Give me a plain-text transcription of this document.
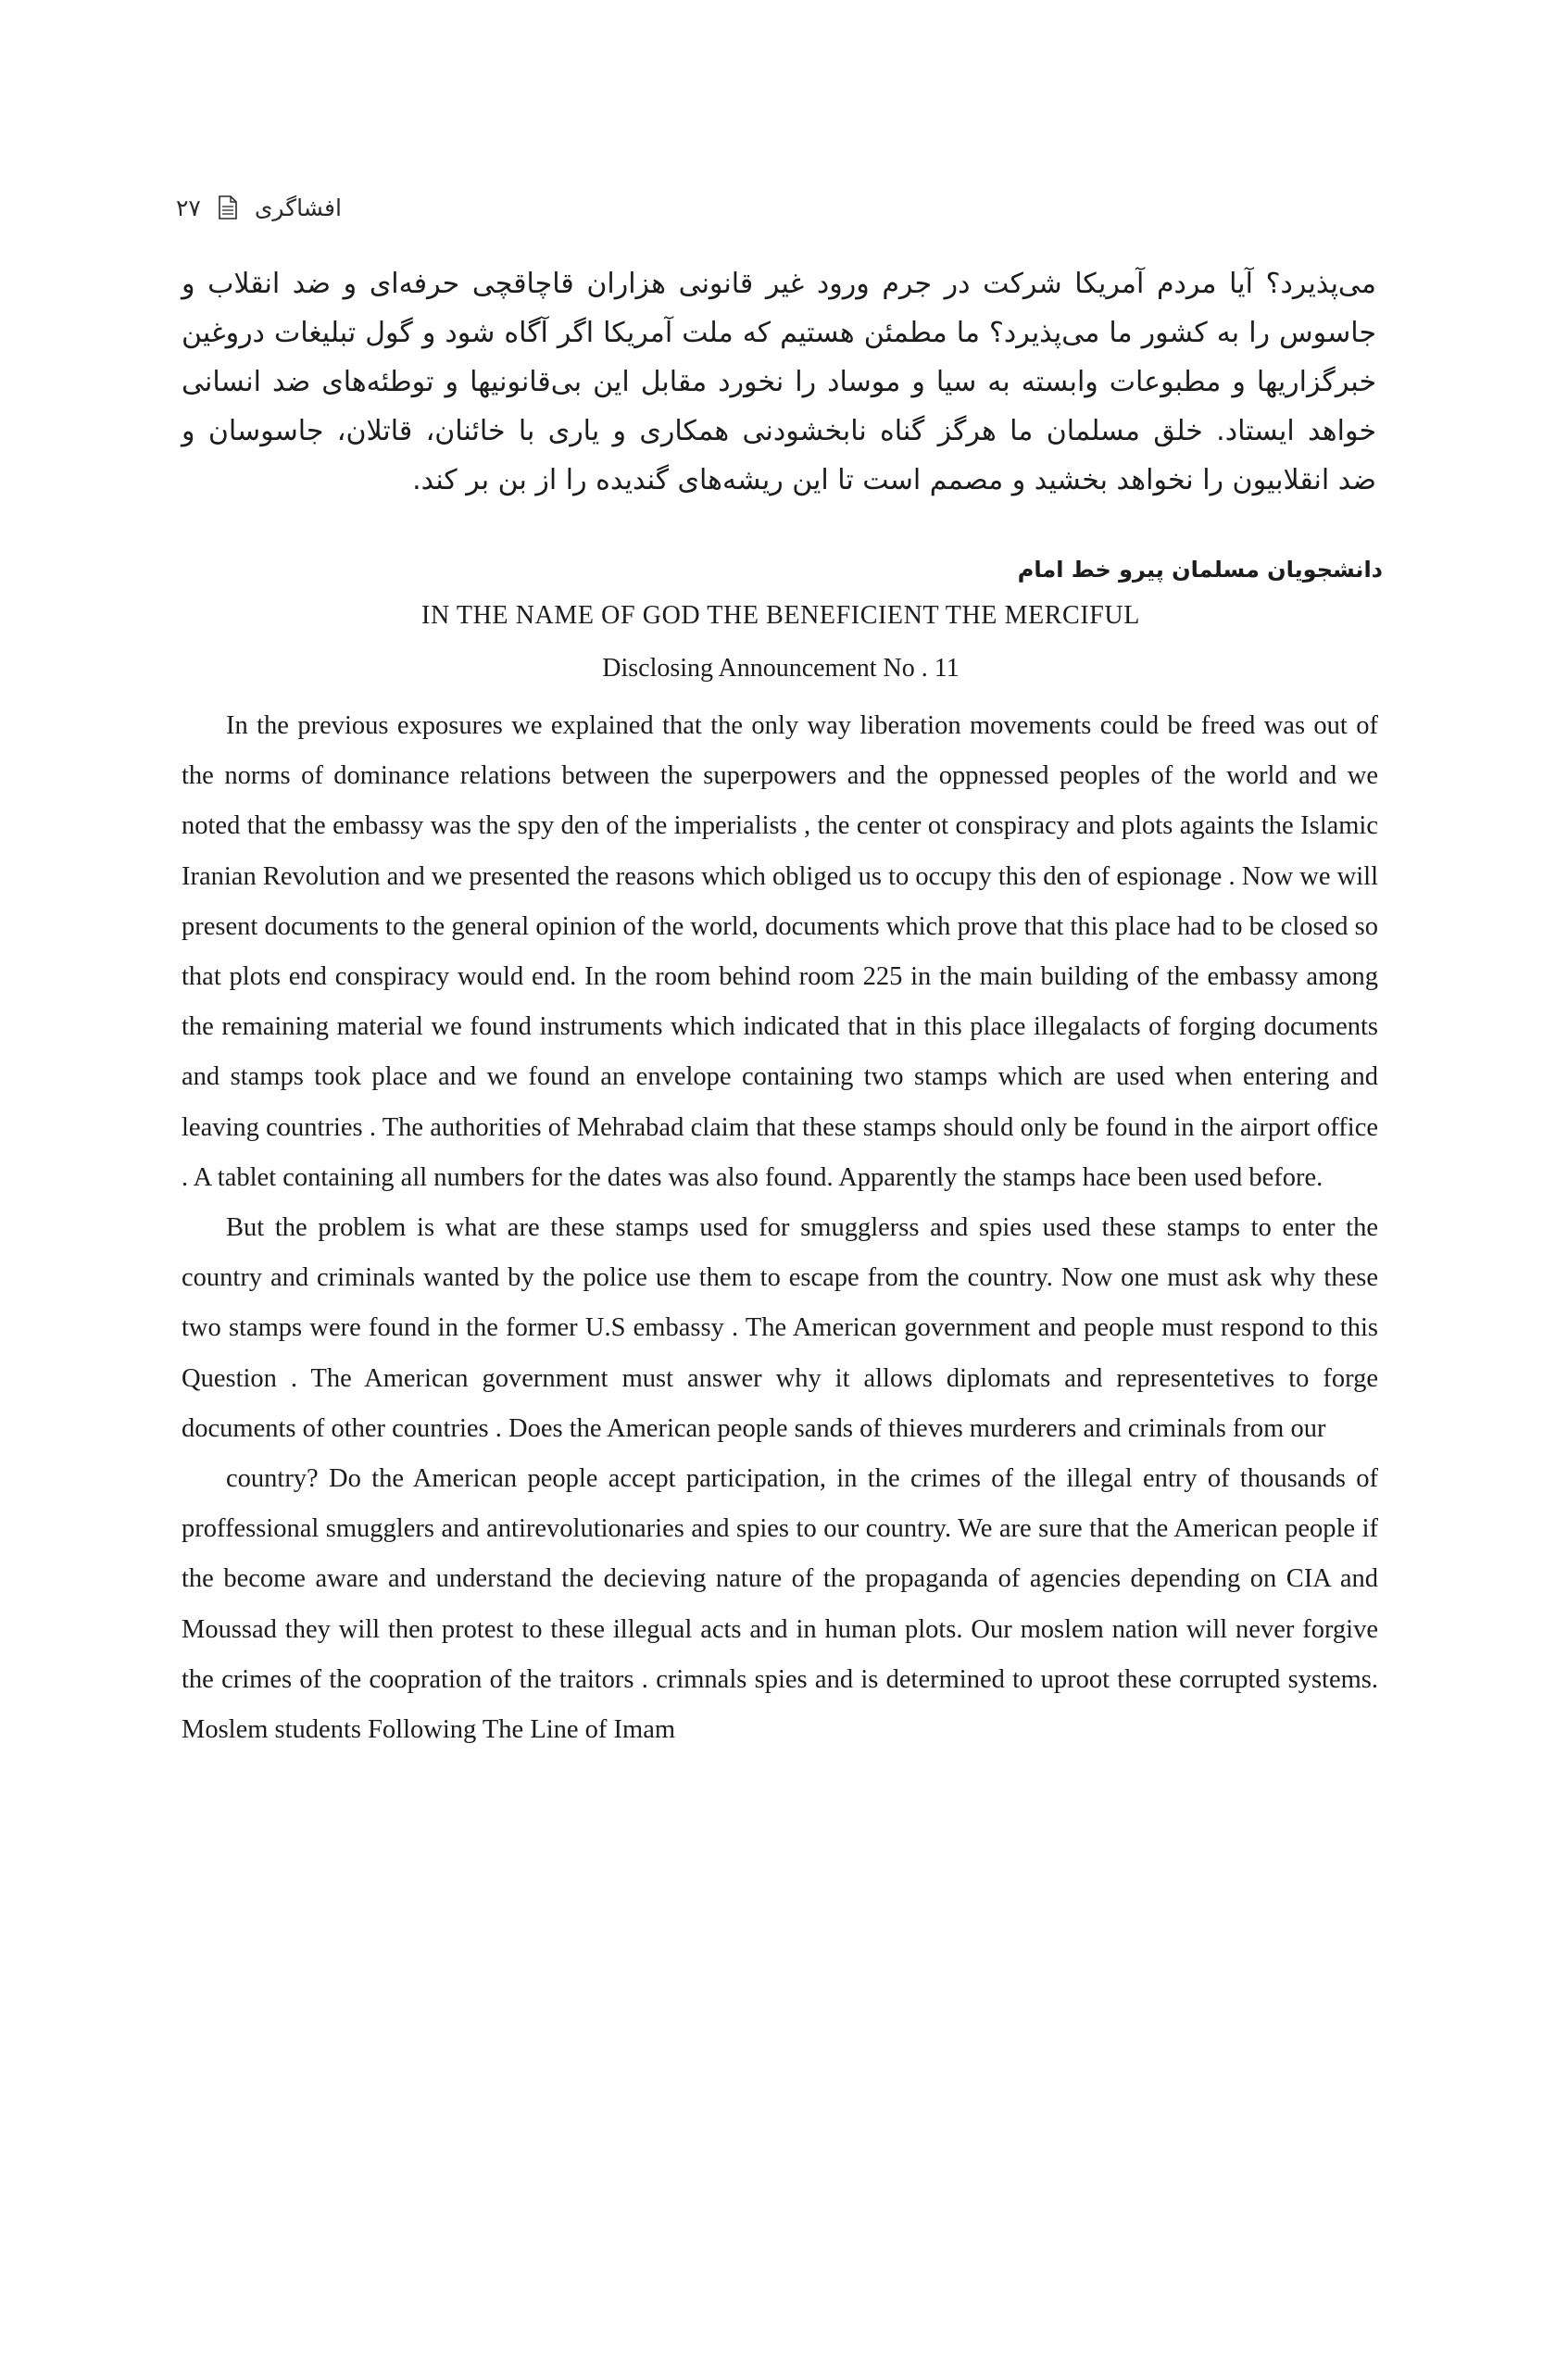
۲۷ افشاگری
می‌پذیرد؟ آیا مردم آمریکا شرکت در جرم ورود غیر قانونی هزاران قاچاقچی حرفه‌ای و ضد انقلاب و
جاسوس را به کشور ما می‌پذیرد؟ ما مطمئن هستیم که ملت آمریکا اگر آگاه شود و گول تبلیغات دروغین
خبرگزاریها و مطبوعات وابسته به سیا و موساد را نخورد مقابل این بی‌قانونیها و توطئه‌های ضد انسانی
خواهد ایستاد. خلق مسلمان ما هرگز گناه نابخشودنی همکاری و یاری با خائنان، قاتلان، جاسوسان و
ضد انقلابیون را نخواهد بخشید و مصمم است تا این ریشه‌های گندیده را از بن بر کند.
دانشجویان مسلمان پیرو خط امام
IN THE NAME OF GOD THE BENEFICIENT THE MERCIFUL
Disclosing Announcement No . 11

In the previous exposures we explained that the only way liberation movements could be freed was out of the norms of dominance relations between the superpowers and the oppnessed peoples of the world and we noted that the embassy was the spy den of the imperialists , the center ot conspiracy and plots againts the Islamic Iranian Revolution and we presented the reasons which obliged us to occupy this den of espionage . Now we will present documents to the general opinion of the world, documents which prove that this place had to be closed so that plots end conspiracy would end. In the room behind room 225 in the main building of the embassy among the remaining material we found instruments which indicated that in this place illegalacts of forging documents and stamps took place and we found an envelope containing two stamps which are used when entering and leaving countries . The authorities of Mehrabad claim that these stamps should only be found in the airport office . A tablet containing all numbers for the dates was also found. Apparently the stamps hace been used before.

But the problem is what are these stamps used for smugglerss and spies used these stamps to enter the country and criminals wanted by the police use them to escape from the country. Now one must ask why these two stamps were found in the former U.S embassy . The American government and people must respond to this Question . The American government must answer why it allows diplomats and representetives to forge documents of other countries . Does the American people sands of thieves murderers and criminals from our

country? Do the American people accept participation, in the crimes of the illegal entry of thousands of proffessional smugglers and antirevolutionaries and spies to our country. We are sure that the American people if the become aware and understand the decieving nature of the propaganda of agencies depending on CIA and Moussad they will then protest to these illegual acts and in human plots. Our moslem nation will never forgive the crimes of the coopration of the traitors . crimnals spies and is determined to uproot these corrupted systems. Moslem students Following The Line of Imam
